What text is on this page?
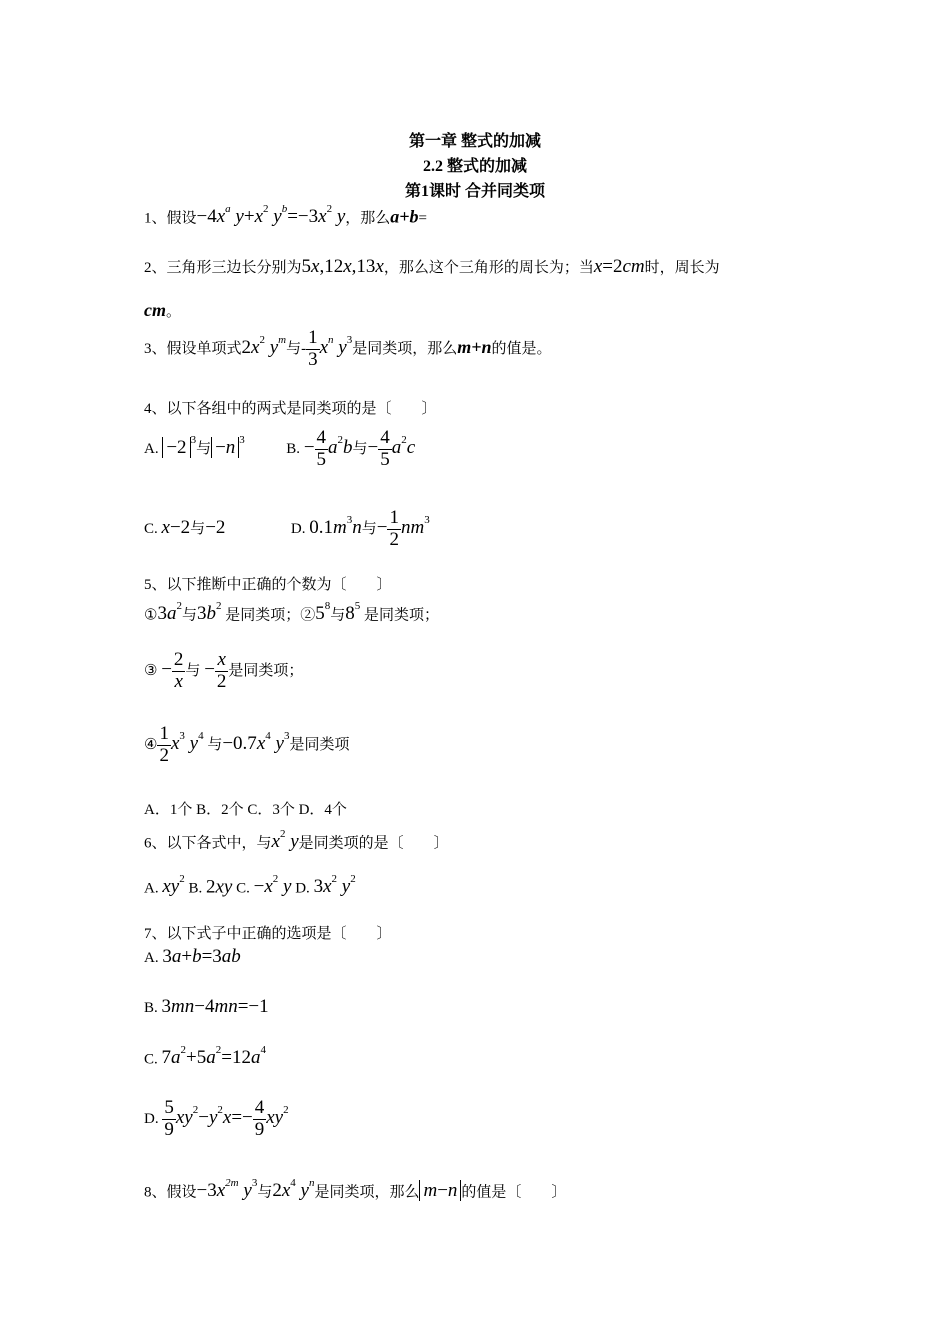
第一章 整式的加减
2.2 整式的加减
第1课时 合并同类项
1、假设$-4x^a$ $y+x^2$ $y^b=-3x^2$ y，那么a+b=
2、三角形三边长分别为5x,12x,13x，那么这个三角形的周长为；当x=2cm时，周长为
cm。
3、假设单项式$2x^2$ $y^m$与- $\frac{1}{3} x^n$ $y^3$是同类项，那么m+n的值是。
4、以下各组中的两式是同类项的是〔　　〕
A. −2 $^3$与 −n $^3$  B. − $\frac{4}{5} a^2b$与− $\frac{4}{5} a^2c$
C. x−2与−2	D. $0.1m^3n$与− $\frac{1}{2} nm^3$
5、以下推断中正确的个数为〔　　〕
$①3a^2$与$3b^2$ 是同类项；$②5^8$与$8^5$ 是同类项；
③ − $\frac{2}{x}$ 与 − $\frac{x}{2}$ 是同类项；
④ $\frac{1}{2} x^3$ $y^4$ 与$-0.7x^4$ $y^3$是同类项
A．1个 B．2个 C．3个 D．4个
6、以下各式中，与$x^2$ y是同类项的是〔　　〕
A. $xy^2$ B. 2xy C. $-x^2$ y D. $3x^2$ $y^2$
7、以下式子中正确的选项是〔　　〕
A. 3a+b=3ab
B. 3mn−4mn=−1
C. $7a^2+5a^2=12a^4$
D. $\frac{5}{9} xy^2-y^2x=- \frac{4}{9} xy^2$
8、假设$-3x^{2m}$ $y^3$与$2x^4$ $y^n$是同类项，那么 m−n 的值是〔　　〕
